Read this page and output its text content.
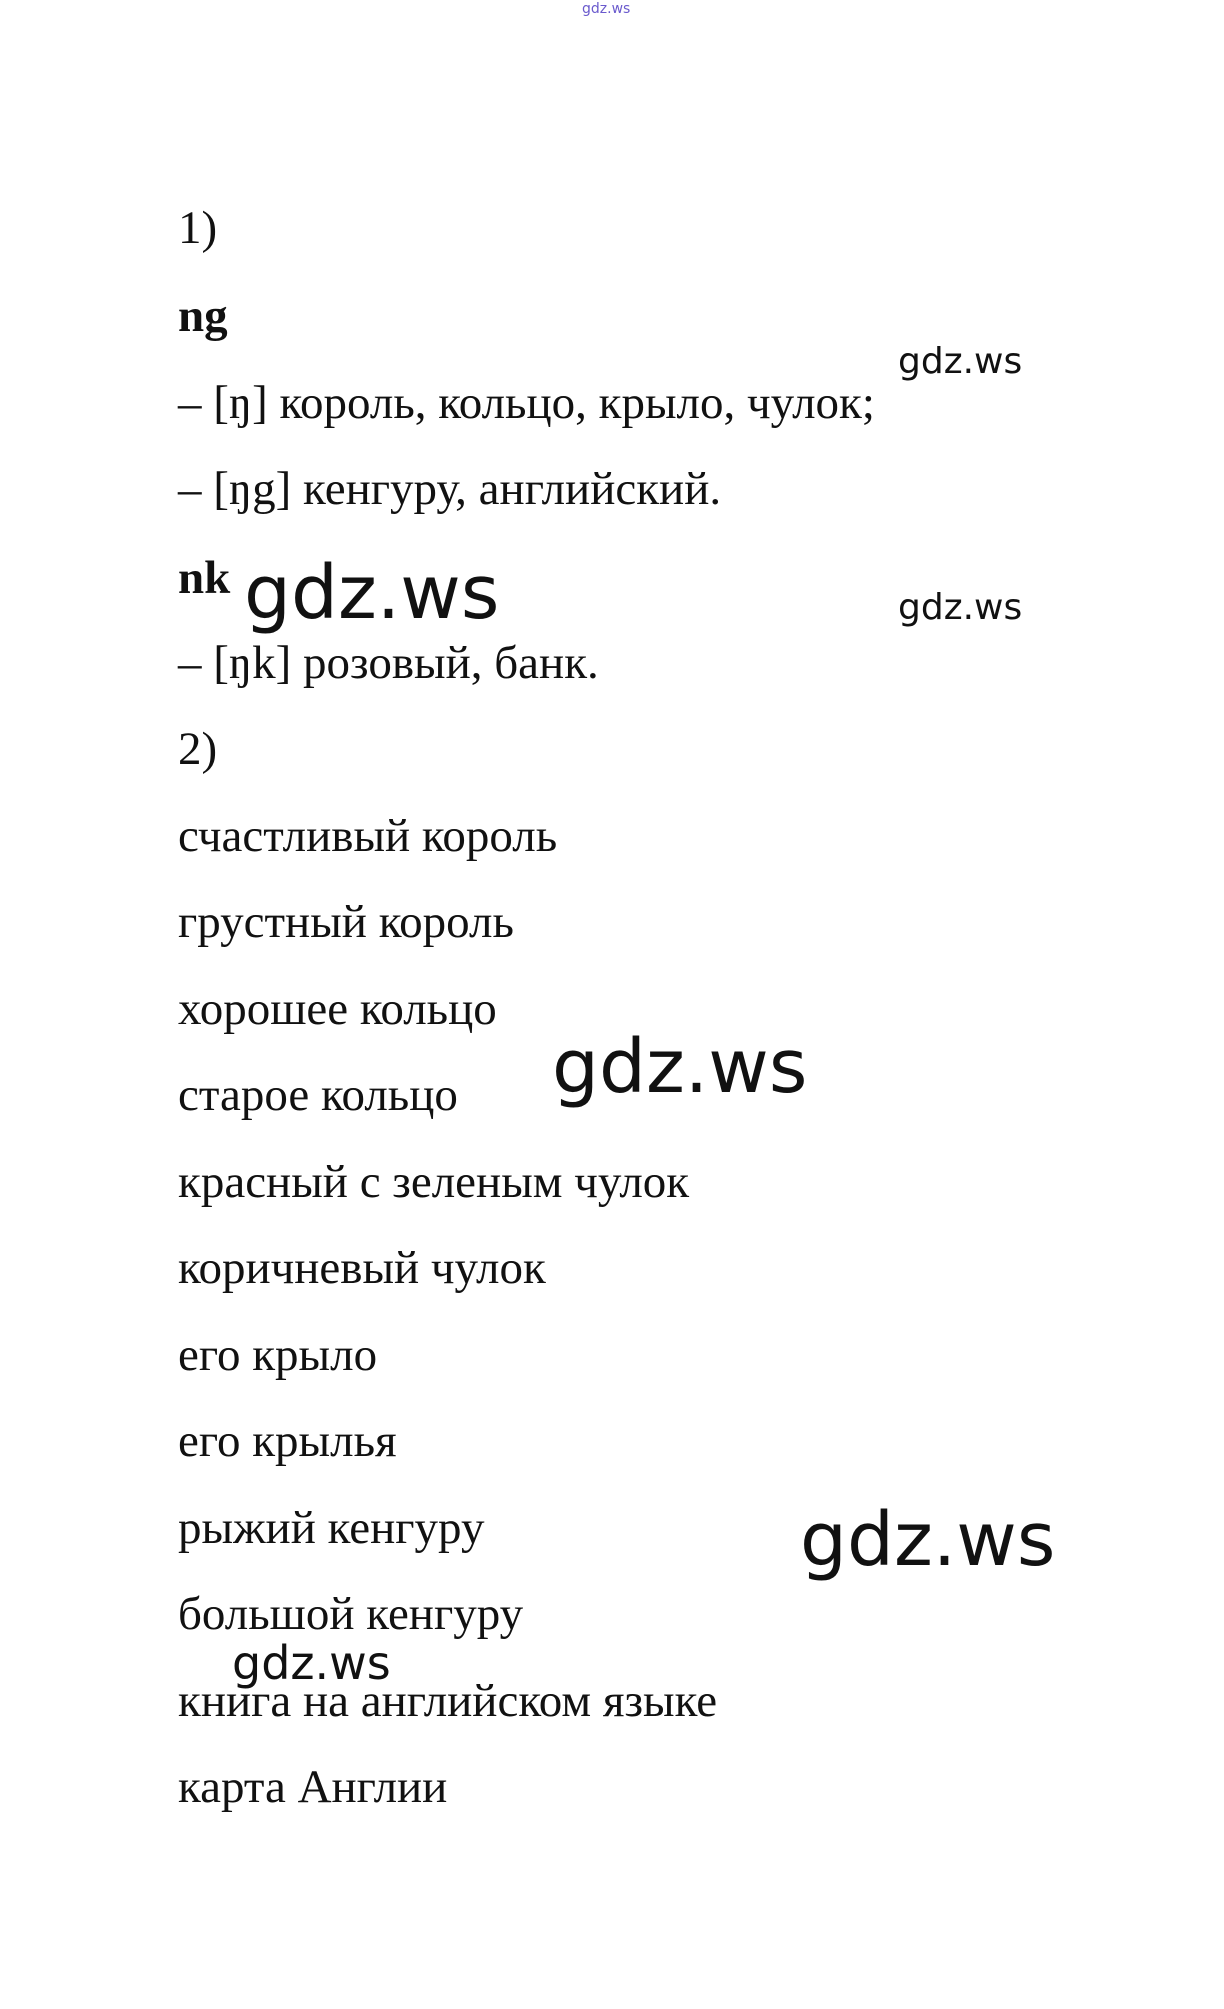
gdz.ws
1)
ng
– [ŋ] король, кольцо, крыло, чулок;
– [ŋg] кенгуру, английский.
nk
– [ŋk] розовый, банк.
2)
счастливый король
грустный король
хорошее кольцо
старое кольцо
красный с зеленым чулок
коричневый чулок
его крыло
его крылья
рыжий кенгуру
большой кенгуру
книга на английском языке
карта Англии
gdz.ws
gdz.ws
gdz.ws
gdz.ws
gdz.ws
gdz.ws
